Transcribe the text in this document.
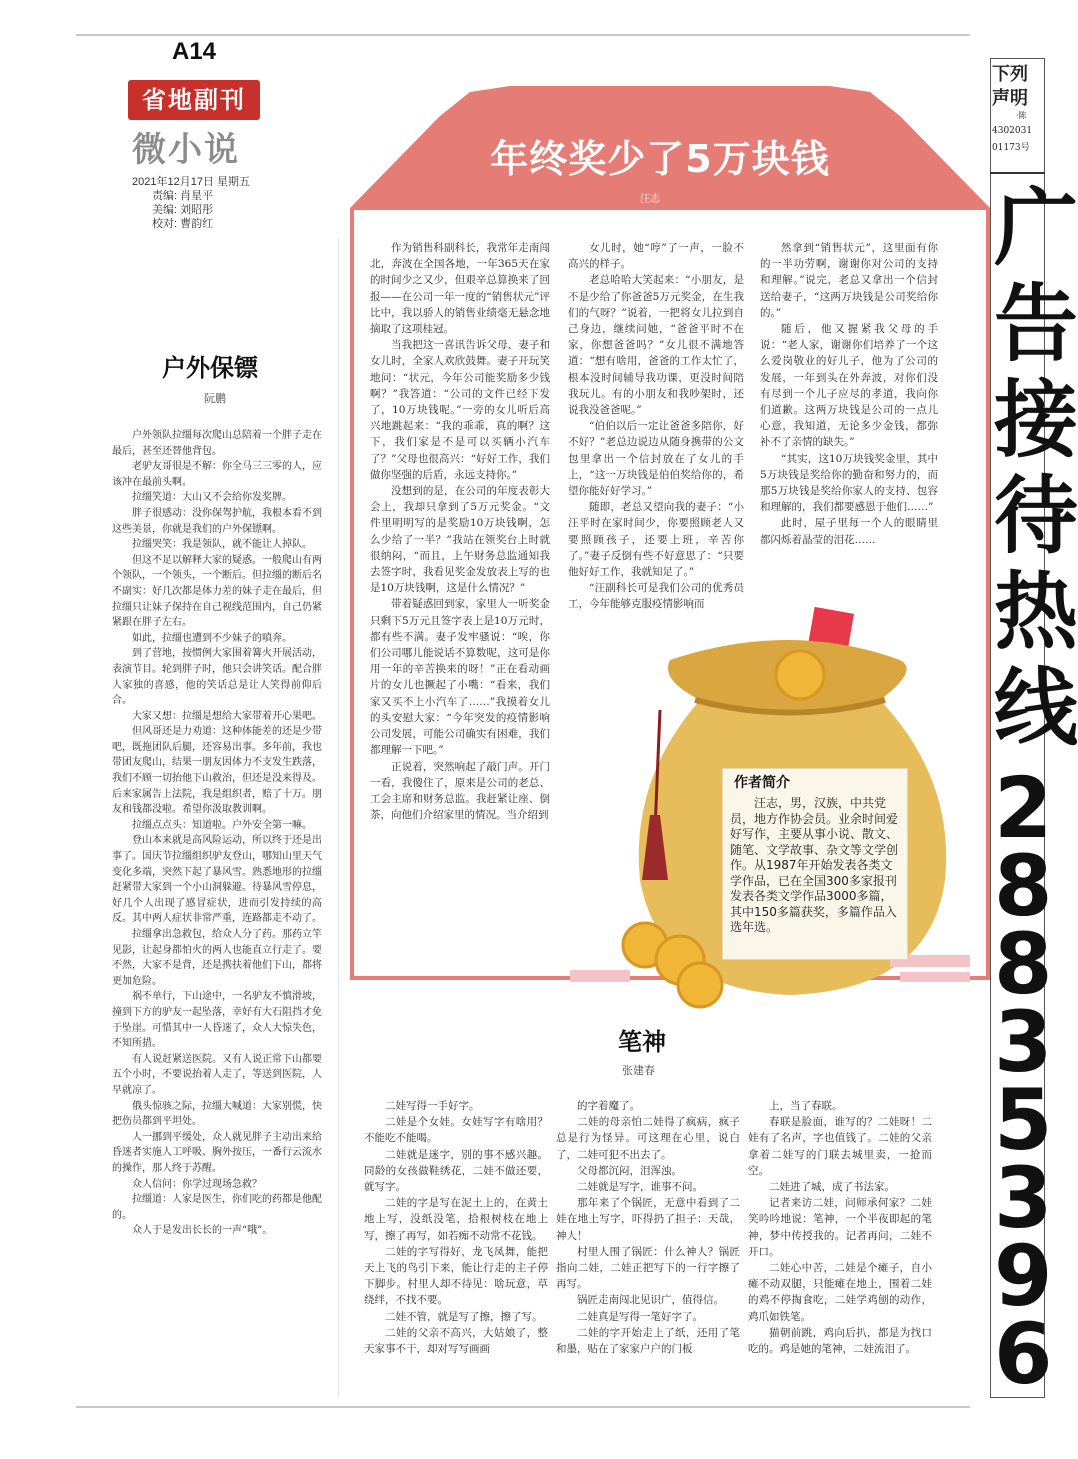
A14
省地副刊
微小说
2021年12月17日 星期五
责编: 肖星平
美编: 刘昭彤
校对: 曹韵红
年终奖少了5万块钱
汪志

作为销售科副科长，我常年走南闯北，奔波在全国各地，一年365天在家的时间少之又少，但艰辛总算换来了回报——在公司一年一度的“销售状元”评比中，我以骄人的销售业绩毫无悬念地摘取了这项桂冠。

当我把这一喜讯告诉父母、妻子和女儿时，全家人欢欣鼓舞。妻子开玩笑地问：“状元，今年公司能奖励多少钱啊？”我答道：“公司的文件已经下发了，10万块钱呢。”一旁的女儿听后高兴地跳起来：“我的乖乖，真的啊？这下，我们家是不是可以买辆小汽车了？”父母也很高兴：“好好工作，我们做你坚强的后盾，永远支持你。”

没想到的是，在公司的年度表彰大会上，我却只拿到了5万元奖金。“文件里明明写的是奖励10万块钱啊，怎么少给了一半？”我站在领奖台上时就很纳闷，“而且，上午财务总监通知我去签字时，我看见奖金发放表上写的也是10万块钱啊，这是什么情况？”

带着疑惑回到家，家里人一听奖金只剩下5万元且签字表上是10万元时，都有些不满。妻子发牢骚说：“唉，你们公司哪儿能说话不算数呢，这可是你用一年的辛苦换来的呀！”正在看动画片的女儿也撅起了小嘴：“看来，我们家又买不上小汽车了……”我摸着女儿的头安慰大家：“今年突发的疫情影响公司发展，可能公司确实有困难，我们都理解一下吧。”

正说着，突然响起了敲门声。开门一看，我傻住了，原来是公司的老总、工会主席和财务总监。我赶紧让座、倒茶，向他们介绍家里的情况。当介绍到

女儿时，她“哼”了一声，一脸不高兴的样子。

老总哈哈大笑起来：“小朋友，是不是少给了你爸爸5万元奖金，在生我们的气呀？”说着，一把将女儿拉到自己身边，继续问她，“爸爸平时不在家，你想爸爸吗？”女儿很不满地答道：“想有啥用，爸爸的工作太忙了，根本没时间辅导我功课，更没时间陪我玩儿。有的小朋友和我吵架时，还说我没爸爸呢。”

“伯伯以后一定让爸爸多陪你，好不好？”老总边说边从随身携带的公文包里拿出一个信封放在了女儿的手上，“这一万块钱是伯伯奖给你的，希望你能好好学习。”

随即，老总又望向我的妻子：“小汪平时在家时间少，你要照顾老人又要照顾孩子，还要上班，辛苦你了。”妻子反倒有些不好意思了：“只要他好好工作，我就知足了。”

“汪副科长可是我们公司的优秀员工，今年能够克服疫情影响而

然拿到“销售状元”，这里面有你的一半功劳啊，谢谢你对公司的支持和理解。”说完，老总又拿出一个信封送给妻子，“这两万块钱是公司奖给你的。”

随后，他又握紧我父母的手说：“老人家，谢谢你们培养了一个这么爱岗敬业的好儿子，他为了公司的发展，一年到头在外奔波，对你们没有尽到一个儿子应尽的孝道，我向你们道歉。这两万块钱是公司的一点儿心意，我知道，无论多少金钱，都弥补不了亲情的缺失。”

“其实，这10万块钱奖金里，其中5万块钱是奖给你的勤奋和努力的，而那5万块钱是奖给你家人的支持、包容和理解的，我们都要感恩于他们……”

此时，屋子里每一个人的眼睛里都闪烁着晶莹的泪花……

作者简介
汪志，男，汉族，中共党员，地方作协会员。业余时间爱好写作，主要从事小说、散文、随笔、文学故事、杂文等文学创作。从1987年开始发表各类文学作品，已在全国300多家报刊发表各类文学作品3000多篇，其中150多篇获奖，多篇作品入选年选。
户外保镖
阮鹏

户外领队拉缰每次爬山总陪着一个胖子走在最后，甚至还替他背包。

老驴友哥很是不解：你全马三三零的人，应该冲在最前头啊。

拉缰笑道：大山又不会给你发奖牌。

胖子很感动：没你保驾护航，我根本看不到这些美景，你就是我们的户外保镖啊。

拉缰哭笑：我是领队，就不能让人掉队。

但这不足以解释大家的疑惑。一般爬山有两个领队，一个领头，一个断后。但拉缰的断后名不副实：好几次都是体力差的妹子走在最后，但拉缰只让妹子保持在自己视线范围内，自己仍紧紧跟在胖子左右。

如此，拉缰也遭到不少妹子的嗔奔。

到了营地，按惯例大家围着篝火开展活动，表演节目。轮到胖子时，他只会讲笑话。配合胖人家独的喜感，他的笑话总是让人笑得前仰后合。

大家又想：拉缰是想给大家带着开心果吧。

但风哥还是力劝道：这种体能差的还是少带吧，既拖团队后腿，还容易出事。多年前，我也带团友爬山，结果一朋友因体力不支发生跌落，我们不顾一切抬他下山救治，但还是没来得及。后来家属告上法院，我是组织者，赔了十万。朋友和钱都没啦。希望你汲取教训啊。

拉缰点点头：知道啦。户外安全第一嘛。

登山本来就是高风险运动，所以终于还是出事了。国庆节拉缰组织驴友登山，哪知山里天气变化多端，突然下起了暴风雪。熟悉地形的拉缰赶紧带大家到一个小山洞躲避。待暴风雪停息，好几个人出现了感冒症状，进而引发持续的高反。其中两人症状非常严重，连路都走不动了。

拉缰拿出急救包，给众人分了药。那药立竿见影，让起身都怕火的两人也能直立行走了。要不然，大家不是背，还是携扶着他们下山，都将更加危险。

祸不单行，下山途中，一名驴友不慎滑坡，撞到下方的驴友一起坠落，幸好有大石阻挡才免于坠崖。可惜其中一人昏迷了，众人大惊失色，不知所措。

有人说赶紧送医院。又有人说正常下山都要五个小时，不要说抬着人走了，等送到医院，人早就凉了。

俄头惊骇之际，拉缰大喊道：大家别慌，快把伤员都到平坦处。

人一挪到平缓处，众人就见胖子主动出来给昏迷者实施人工呼吸、胸外按压，一番行云流水的操作，那人终于苏醒。

众人信问：你学过现场急救？

拉缰道：人家是医生，你们吃的药都是他配的。

众人于是发出长长的一声“哦”。

笔神
张建春

二娃写得一手好字。

二娃是个女娃。女娃写字有啥用？不能吃不能喝。

二娃就是迷字，别的事不感兴趣。同龄的女孩做鞋绣花，二娃不做还要，就写字。

二娃的字是写在泥土上的，在黄土地上写，没纸没笔，拾根树枝在地上写，擦了再写，如若痴不动常不花钱。

二娃的字写得好，龙飞凤舞，能把天上飞的鸟引下来，能让行走的主子停下脚步。村里人却不待见：啥玩意，草绕绊，不找不要。

二娃不管，就是写了擦，擦了写。

二娃的父亲不高兴，大姑娘了，整天家事不干，却对写写画画

的字着魔了。

二娃的母亲怕二娃得了疯病，疯子总是行为怪异。可这理在心里，说白了，二娃可犯不出去了。

父母都沉闷，泪浑浊。

二娃就是写字，谁事不问。

那年来了个锅匠，无意中看到了二娃在地上写字，吓得扔了担子：天哉，神人！

村里人围了锅匠：什么神人？锅匠指向二娃，二娃正把写下的一行字擦了再写。

锅匠走南闯北见识广，值得信。

二娃真是写得一笔好字了。

二娃的字开始走上了纸，还用了笔和墨，贴在了家家户户的门板

上，当了春联。

春联是脸面，谁写的？二娃呀！二娃有了名声，字也值钱了。二娃的父亲拿着二娃写的门联去城里卖，一抢而空。

二娃进了城，成了书法家。

记者来访二娃，问师承何家？二娃笑吟吟地说：笔神，一个半夜即起的笔神，梦中传授我的。记者再问，二娃不开口。

二娃心中苦，二娃是个瘫子，自小瘫不动双腿，只能瘫在地上，围着二娃的鸡不停掏食吃，二娃学鸡刨的动作，鸡爪如铁笔。

猫朝前跳，鸡向后扒，都是为找口吃的。鸡是她的笔神，二娃流泪了。

下列
声明
·陈
4302031
01173号
广
告
接
待
热
线
2
8
8
3
5
3
9
6
